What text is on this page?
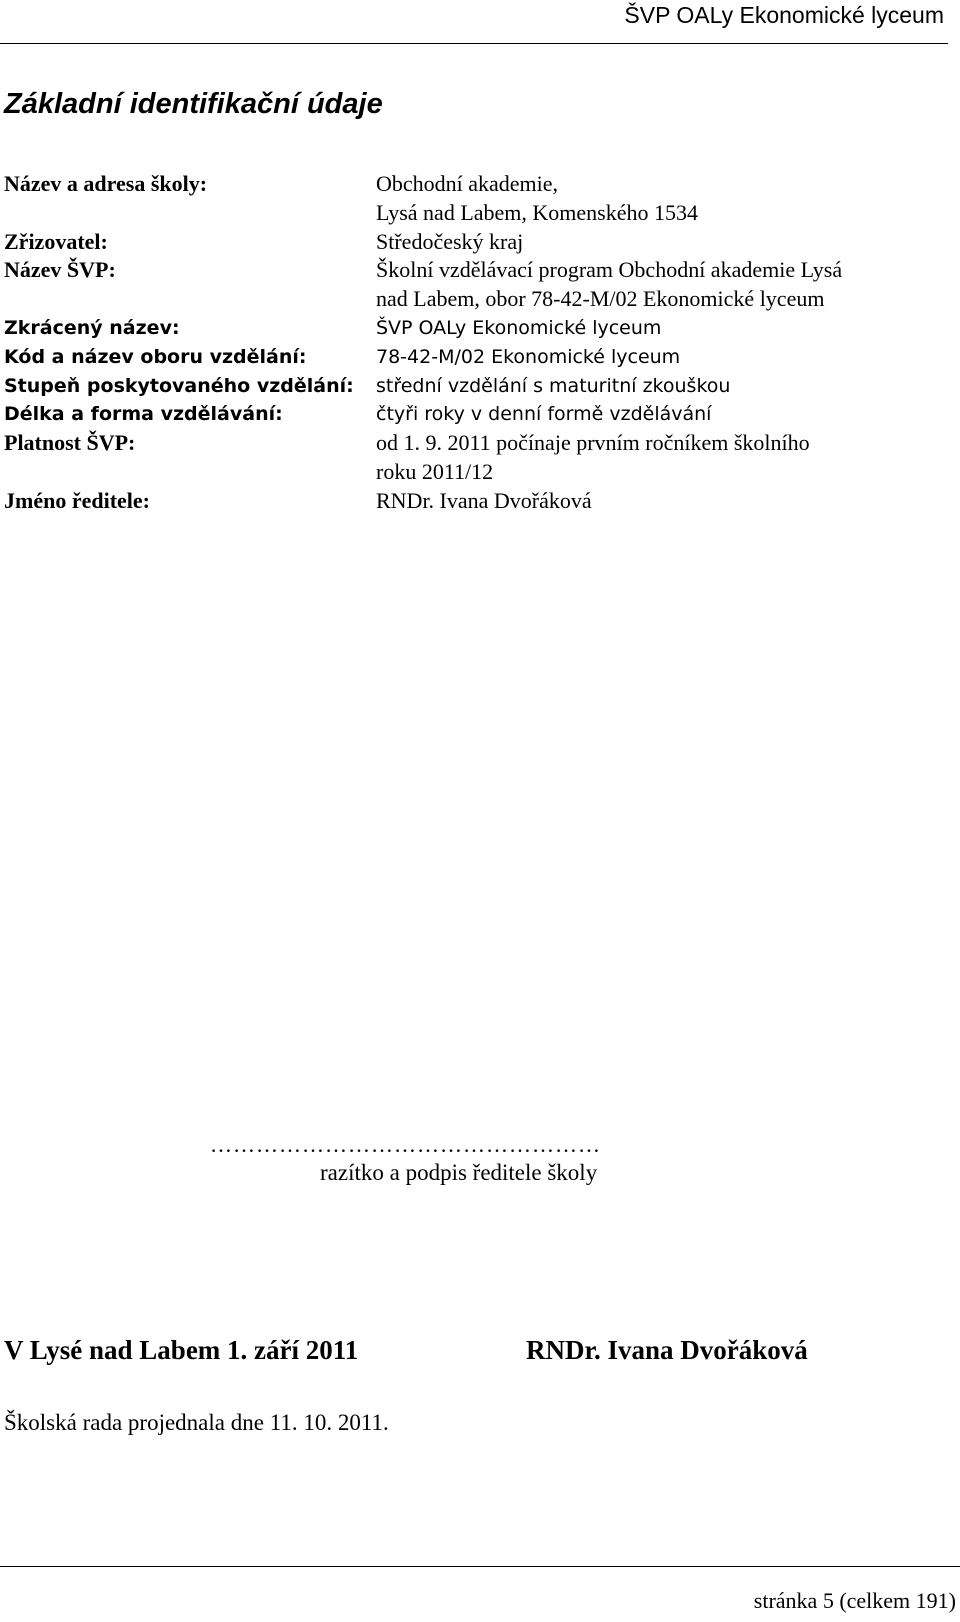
ŠVP OALy Ekonomické lyceum
Základní identifikační údaje
Název a adresa školy:	Obchodní akademie,
Lysá nad Labem, Komenského 1534
Zřizovatel:	Středočeský kraj
Název ŠVP:	Školní vzdělávací program Obchodní akademie Lysá
nad Labem, obor 78-42-M/02 Ekonomické lyceum
Zkrácený název:	ŠVP OALy Ekonomické lyceum
Kód a název oboru vzdělání:	78-42-M/02 Ekonomické lyceum
Stupeň poskytovaného vzdělání:	střední vzdělání s maturitní zkouškou
Délka a forma vzdělávání:	čtyři roky v denní formě vzdělávání
Platnost ŠVP:	od 1. 9. 2011 počínaje prvním ročníkem školního
roku 2011/12
Jméno ředitele:	RNDr. Ivana Dvořáková
……………………………………………
razítko a podpis ředitele školy
V Lysé nad Labem 1. září 2011	RNDr. Ivana Dvořáková
Školská rada projednala dne 11. 10. 2011.
stránka 5 (celkem 191)
